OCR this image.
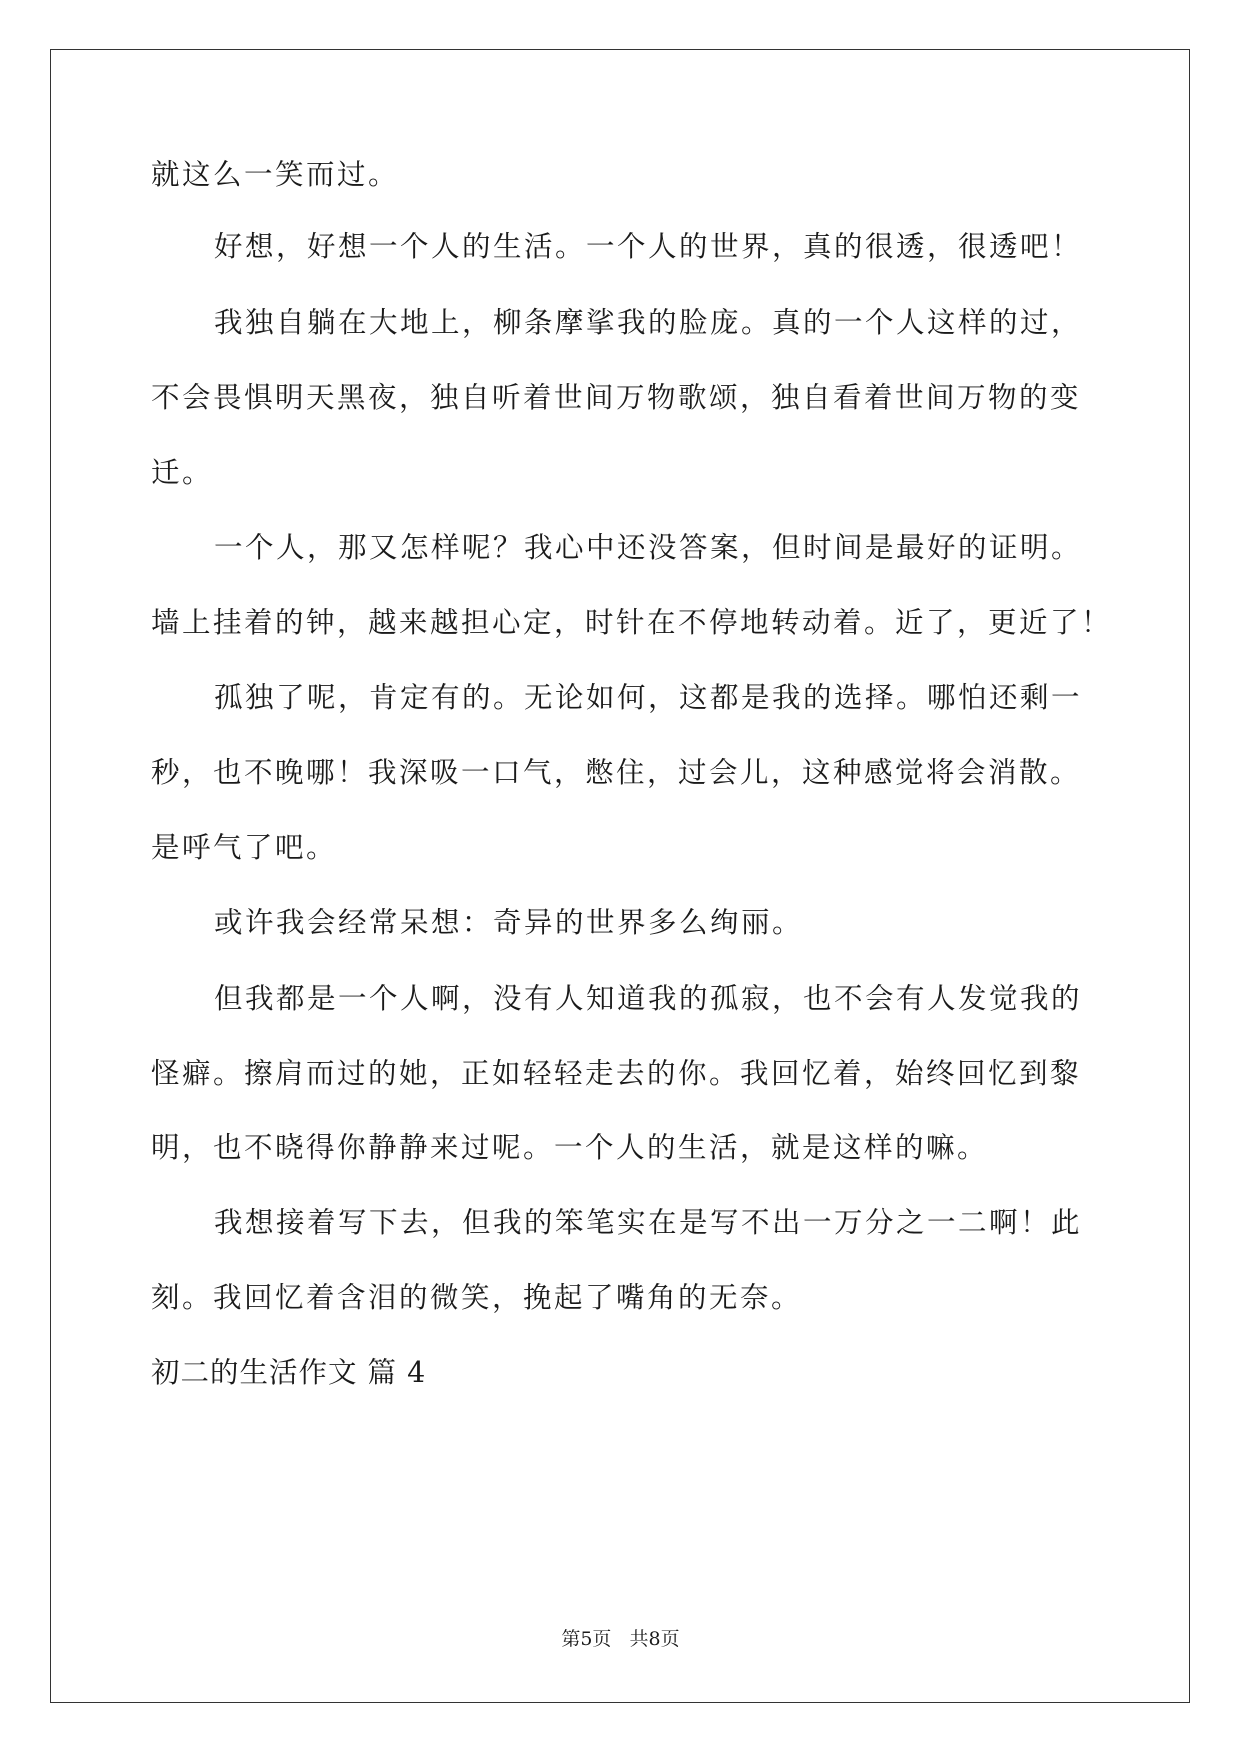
就这么一笑而过。
好想，好想一个人的生活。一个人的世界，真的很透，很透吧！
我独自躺在大地上，柳条摩挲我的脸庞。真的一个人这样的过，
不会畏惧明天黑夜，独自听着世间万物歌颂，独自看着世间万物的变
迁。
一个人，那又怎样呢？我心中还没答案，但时间是最好的证明。
墙上挂着的钟，越来越担心定，时针在不停地转动着。近了，更近了！
孤独了呢，肯定有的。无论如何，这都是我的选择。哪怕还剩一
秒，也不晚哪！我深吸一口气，憋住，过会儿，这种感觉将会消散。
是呼气了吧。
或许我会经常呆想：奇异的世界多么绚丽。
但我都是一个人啊，没有人知道我的孤寂，也不会有人发觉我的
怪癖。擦肩而过的她，正如轻轻走去的你。我回忆着，始终回忆到黎
明，也不晓得你静静来过呢。一个人的生活，就是这样的嘛。
我想接着写下去，但我的笨笔实在是写不出一万分之一二啊！此
刻。我回忆着含泪的微笑，挽起了嘴角的无奈。
初二的生活作文 篇 4
第5页   共8页
